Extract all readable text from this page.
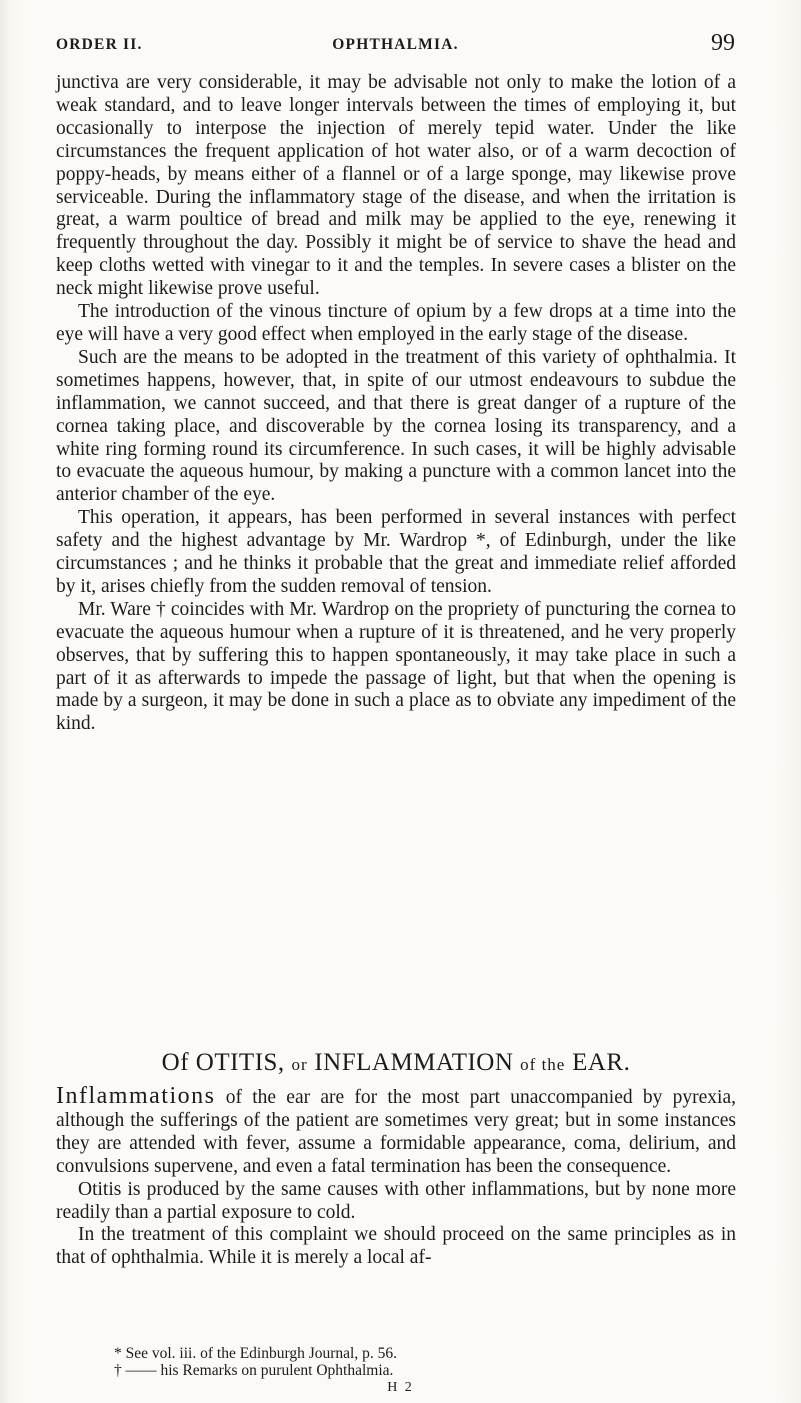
ORDER II.	OPHTHALMIA.	99

junctiva are very considerable, it may be advisable not only to make the lotion of a weak standard, and to leave longer intervals between the times of employing it, but occasionally to interpose the injection of merely tepid water. Under the like circumstances the frequent application of hot water also, or of a warm decoction of poppy-heads, by means either of a flannel or of a large sponge, may likewise prove serviceable. During the inflammatory stage of the disease, and when the irritation is great, a warm poultice of bread and milk may be applied to the eye, renewing it frequently throughout the day. Possibly it might be of service to shave the head and keep cloths wetted with vinegar to it and the temples. In severe cases a blister on the neck might likewise prove useful.

The introduction of the vinous tincture of opium by a few drops at a time into the eye will have a very good effect when employed in the early stage of the disease.

Such are the means to be adopted in the treatment of this variety of ophthalmia. It sometimes happens, however, that, in spite of our utmost endeavours to subdue the inflammation, we cannot succeed, and that there is great danger of a rupture of the cornea taking place, and discoverable by the cornea losing its transparency, and a white ring forming round its circumference. In such cases, it will be highly advisable to evacuate the aqueous humour, by making a puncture with a common lancet into the anterior chamber of the eye.

This operation, it appears, has been performed in several instances with perfect safety and the highest advantage by Mr. Wardrop *, of Edinburgh, under the like circumstances ; and he thinks it probable that the great and immediate relief afforded by it, arises chiefly from the sudden removal of tension.

Mr. Ware † coincides with Mr. Wardrop on the propriety of puncturing the cornea to evacuate the aqueous humour when a rupture of it is threatened, and he very properly observes, that by suffering this to happen spontaneously, it may take place in such a part of it as afterwards to impede the passage of light, but that when the opening is made by a surgeon, it may be done in such a place as to obviate any impediment of the kind.

Of OTITIS, or INFLAMMATION of the EAR.

Inflammations of the ear are for the most part unaccompanied by pyrexia, although the sufferings of the patient are sometimes very great; but in some instances they are attended with fever, assume a formidable appearance, coma, delirium, and convulsions supervene, and even a fatal termination has been the consequence.

Otitis is produced by the same causes with other inflammations, but by none more readily than a partial exposure to cold.

In the treatment of this complaint we should proceed on the same principles as in that of ophthalmia. While it is merely a local af-

* See vol. iii. of the Edinburgh Journal, p. 56.

† —— his Remarks on purulent Ophthalmia.

H 2
